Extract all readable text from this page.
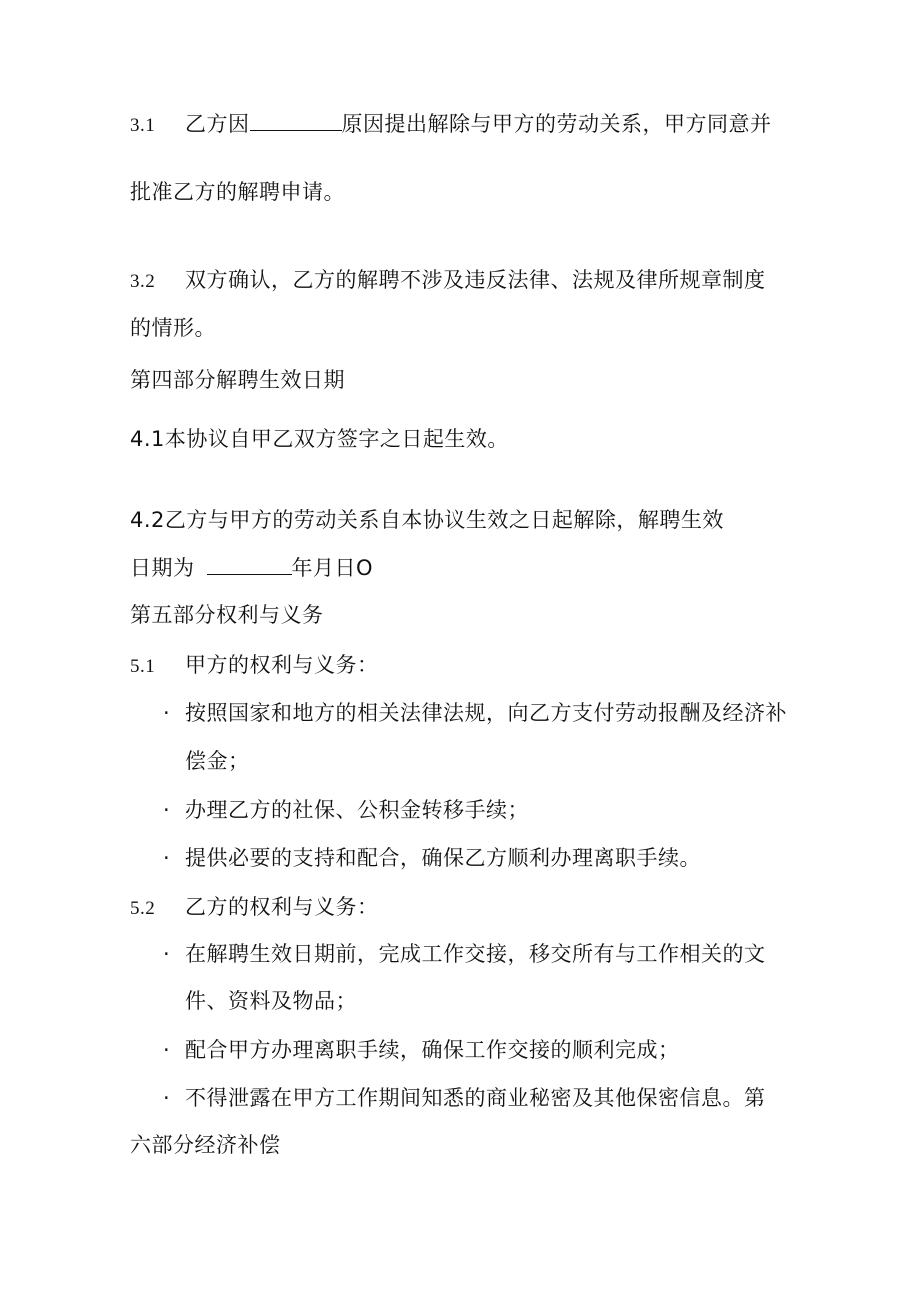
3.1 乙方因	原因提出解除与甲方的劳动关系，甲方同意并
批准乙方的解聘申请。
3.2 双方确认，乙方的解聘不涉及违反法律、法规及律所规章制度
的情形。
第四部分解聘生效日期
4.1本协议自甲乙双方签字之日起生效。
4.2乙方与甲方的劳动关系自本协议生效之日起解除，解聘生效
日期为	年月日O
第五部分权利与义务
5.1 甲方的权利与义务：
· 按照国家和地方的相关法律法规，向乙方支付劳动报酬及经济补
偿金；
· 办理乙方的社保、公积金转移手续；
· 提供必要的支持和配合，确保乙方顺利办理离职手续。
5.2 乙方的权利与义务：
· 在解聘生效日期前，完成工作交接，移交所有与工作相关的文
件、资料及物品；
· 配合甲方办理离职手续，确保工作交接的顺利完成；
· 不得泄露在甲方工作期间知悉的商业秘密及其他保密信息。第
六部分经济补偿
